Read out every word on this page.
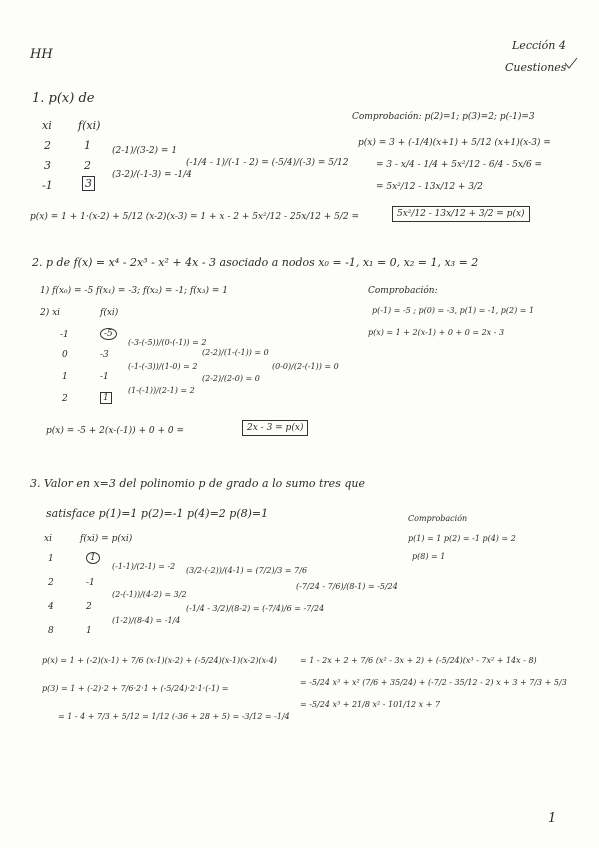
HH
Lección 4
Cuestiones
1. p(x) de
xi f(xi)
2	1
3	2
-1	3
(2-1)/(3-2) = 1
(3-2)/(-1-3) = -1/4
(-1/4 - 1)/(-1 - 2) = (-5/4)/(-3) = 5/12
Comprobación: p(2)=1; p(3)=2; p(-1)=3
p(x) = 3 + (-1/4)(x+1) + 5/12 (x+1)(x-3) =
= 3 - x/4 - 1/4 + 5x²/12 - 6/4 - 5x/6 =
= 5x²/12 - 13x/12 + 3/2
p(x) = 1 + 1·(x-2) + 5/12 (x-2)(x-3) = 1 + x - 2 + 5x²/12 - 25x/12 + 5/2 =	5x²/12 - 13x/12 + 3/2 = p(x)
2. p de f(x) = x⁴ - 2x³ - x² + 4x - 3 asociado a nodos x₀ = -1, x₁ = 0, x₂ = 1, x₃ = 2
1) f(x₀) = -5 f(x₁) = -3; f(x₂) = -1; f(x₃) = 1
2) xi	f(xi)
-1	-5
0	-3
1	-1
2	1
(-3-(-5))/(0-(-1)) = 2
(-1-(-3))/(1-0) = 2
(1-(-1))/(2-1) = 2
(2-2)/(1-(-1)) = 0
(2-2)/(2-0) = 0
(0-0)/(2-(-1)) = 0
Comprobación:
p(-1) = -5 ; p(0) = -3, p(1) = -1, p(2) = 1
p(x) = 1 + 2(x-1) + 0 + 0 = 2x - 3
p(x) = -5 + 2(x-(-1)) + 0 + 0 =	2x - 3 = p(x)
3. Valor en x=3 del polinomio p de grado a lo sumo tres que
satisface p(1)=1 p(2)=-1 p(4)=2 p(8)=1	Comprobación
p(1) = 1 p(2) = -1 p(4) = 2
p(8) = 1
xi	f(xi) = p(xi)
1	1
2	-1
4	2
8	1
(-1-1)/(2-1) = -2
(2-(-1))/(4-2) = 3/2
(1-2)/(8-4) = -1/4
(3/2-(-2))/(4-1) = (7/2)/3 = 7/6
(-1/4 - 3/2)/(8-2) = (-7/4)/6 = -7/24
(-7/24 - 7/6)/(8-1) = -5/24
p(x) = 1 + (-2)(x-1) + 7/6 (x-1)(x-2) + (-5/24)(x-1)(x-2)(x-4)
p(3) = 1 + (-2)·2 + 7/6·2·1 + (-5/24)·2·1·(-1) =
= 1 - 4 + 7/3 + 5/12 = 1/12 (-36 + 28 + 5) = -3/12 = -1/4
= 1 - 2x + 2 + 7/6 (x² - 3x + 2) + (-5/24)(x³ - 7x² + 14x - 8)
= -5/24 x³ + x² (7/6 + 35/24) + (-7/2 - 35/12 - 2) x + 3 + 7/3 + 5/3
= -5/24 x³ + 21/8 x² - 101/12 x + 7
1
